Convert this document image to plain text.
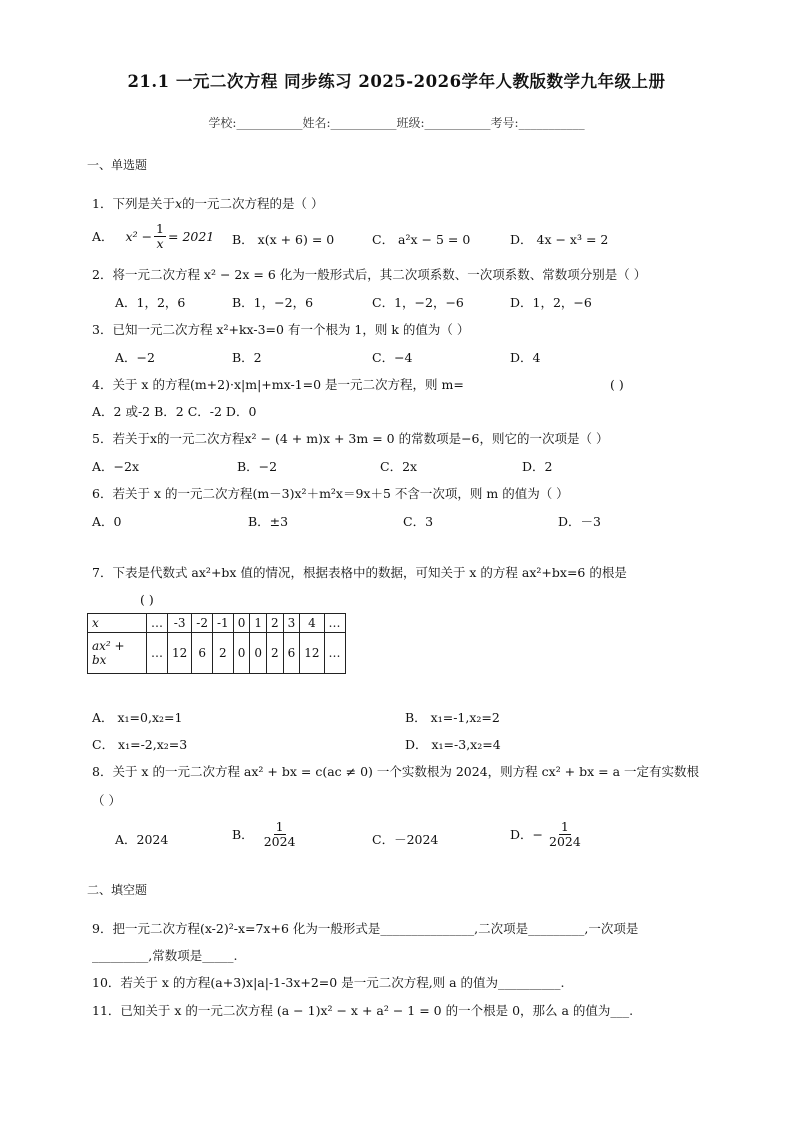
21.1 一元二次方程 同步练习 2025-2026学年人教版数学九年级上册
学校:___________姓名:___________班级:___________考号:___________
一、单选题
1．下列是关于x的一元二次方程的是（ ）
A． $x^2 - \frac{1}{x} = 2021$ B． x(x + 6) = 0	C． a²x − 5 = 0	D． 4x − x³ = 2
2．将一元二次方程 x² − 2x = 6 化为一般形式后，其二次项系数、一次项系数、常数项分别是（ ）
A．1，2，6	B．1，−2，6	C．1，−2，−6	D．1，2，−6
3．已知一元二次方程 x²+kx-3=0 有一个根为 1，则 k 的值为（ ）
A．−2	B．2	C．−4	D．4
4．关于 x 的方程(m+2)·x|m|+mx-1=0 是一元二次方程，则 m=	( )
A．2 或-2 B．2 C．-2 D．0
5．若关于x的一元二次方程x² − (4 + m)x + 3m = 0 的常数项是−6，则它的一次项是（ ）
A．−2x	B．−2	C．2x	D．2
6．若关于 x 的一元二次方程(m－3)x²＋m²x＝9x＋5 不含一次项，则 m 的值为（ ）
A．0	B．±3	C．3	D．－3
7．下表是代数式 ax²+bx 值的情况，根据表格中的数据，可知关于 x 的方程 ax²+bx=6 的根是
( )
x	…	-3	-2	-1	0	1	2	3	4	…

ax² +
bx	…	12	6	2	0	0	2	6	12	…
A． x₁=0,x₂=1	B． x₁=-1,x₂=2
C． x₁=-2,x₂=3	D． x₁=-3,x₂=4
8．关于 x 的一元二次方程 ax² + bx = c(ac ≠ 0) 一个实数根为 2024，则方程 cx² + bx = a 一定有实数根
（ ）
A．2024	B． $\frac{1}{2024}$	C．－2024	D．− $\frac{1}{2024}$
二、填空题
9．把一元二次方程(x-2)²-x=7x+6 化为一般形式是_______________,二次项是_________,一次项是
_________,常数项是_____.
10．若关于 x 的方程(a+3)x|a|-1-3x+2=0 是一元二次方程,则 a 的值为__________.
11．已知关于 x 的一元二次方程 (a − 1)x² − x + a² − 1 = 0 的一个根是 0，那么 a 的值为___.
